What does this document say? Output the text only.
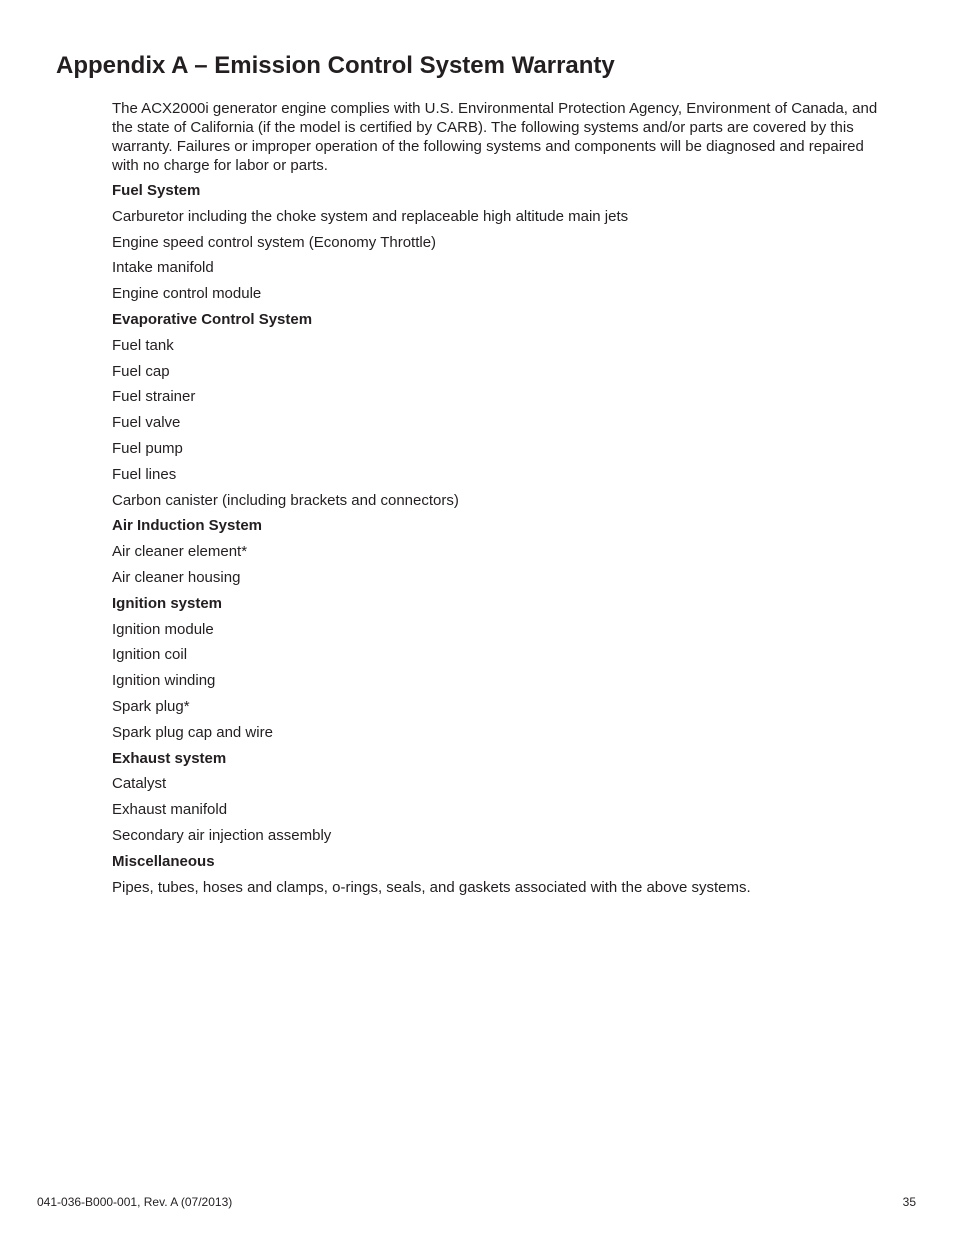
Appendix A – Emission Control System Warranty

The ACX2000i generator engine complies with U.S. Environmental Protection Agency, Environment of Canada, and the state of California (if the model is certified by CARB). The following systems and/or parts are covered by this warranty. Failures or improper operation of the following systems and components will be diagnosed and repaired with no charge for labor or parts.

Fuel System
Carburetor including the choke system and replaceable high altitude main jets
Engine speed control system (Economy Throttle)
Intake manifold
Engine control module
Evaporative Control System
Fuel tank
Fuel cap
Fuel strainer
Fuel valve
Fuel pump
Fuel lines
Carbon canister (including brackets and connectors)
Air Induction System
Air cleaner element*
Air cleaner housing
Ignition system
Ignition module
Ignition coil
Ignition winding
Spark plug*
Spark plug cap and wire
Exhaust system
Catalyst
Exhaust manifold
Secondary air injection assembly
Miscellaneous
Pipes, tubes, hoses and clamps, o-rings, seals, and gaskets associated with the above systems.
041-036-B000-001, Rev. A (07/2013)	35
